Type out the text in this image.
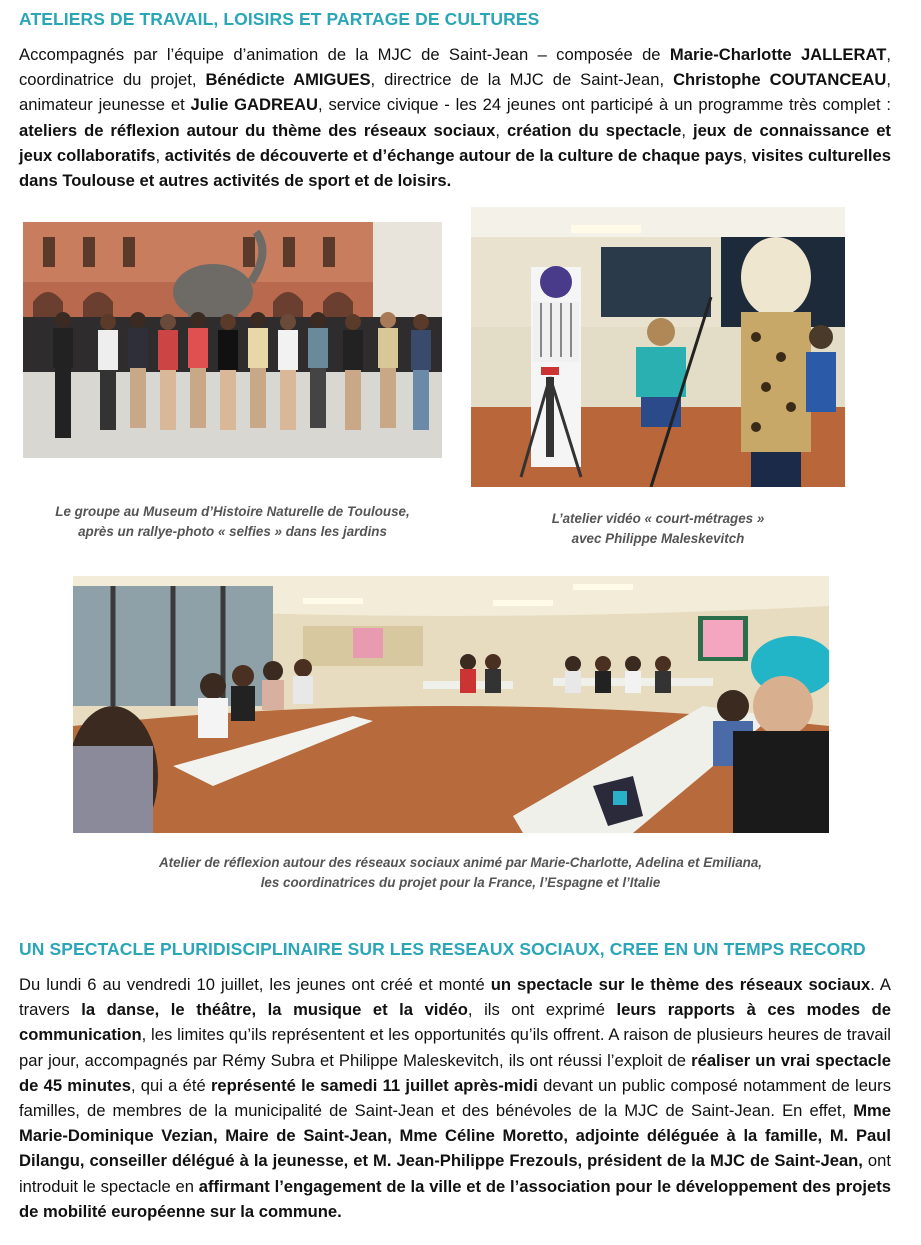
ATELIERS DE TRAVAIL, LOISIRS ET PARTAGE DE CULTURES

Accompagnés par l’équipe d’animation de la MJC de Saint-Jean – composée de Marie-Charlotte JALLERAT, coordinatrice du projet, Bénédicte AMIGUES, directrice de la MJC de Saint-Jean, Christophe COUTANCEAU, animateur jeunesse et Julie GADREAU, service civique - les 24 jeunes ont participé à un programme très complet : ateliers de réflexion autour du thème des réseaux sociaux, création du spectacle, jeux de connaissance et jeux collaboratifs, activités de découverte et d’échange autour de la culture de chaque pays, visites culturelles dans Toulouse et autres activités de sport et de loisirs.

Le groupe au Museum d’Histoire Naturelle de Toulouse,
après un rallye-photo « selfies » dans les jardins

L’atelier vidéo « court-métrages »
avec Philippe Maleskevitch

Atelier de réflexion autour des réseaux sociaux animé par Marie-Charlotte, Adelina et Emiliana,
les coordinatrices du projet pour la France, l’Espagne et l’Italie

UN SPECTACLE PLURIDISCIPLINAIRE SUR LES RESEAUX SOCIAUX, CREE EN UN TEMPS RECORD

Du lundi 6 au vendredi 10 juillet, les jeunes ont créé et monté un spectacle sur le thème des réseaux sociaux. A travers la danse, le théâtre, la musique et la vidéo, ils ont exprimé leurs rapports à ces modes de communication, les limites qu’ils représentent et les opportunités qu’ils offrent. A raison de plusieurs heures de travail par jour, accompagnés par Rémy Subra et Philippe Maleskevitch, ils ont réussi l’exploit de réaliser un vrai spectacle de 45 minutes, qui a été représenté le samedi 11 juillet après-midi devant un public composé notamment de leurs familles, de membres de la municipalité de Saint-Jean et des bénévoles de la MJC de Saint-Jean. En effet, Mme Marie-Dominique Vezian, Maire de Saint-Jean, Mme Céline Moretto, adjointe déléguée à la famille, M. Paul Dilangu, conseiller délégué à la jeunesse, et M. Jean-Philippe Frezouls, président de la MJC de Saint-Jean, ont introduit le spectacle en affirmant l’engagement de la ville et de l’association pour le développement des projets de mobilité européenne sur la commune.
